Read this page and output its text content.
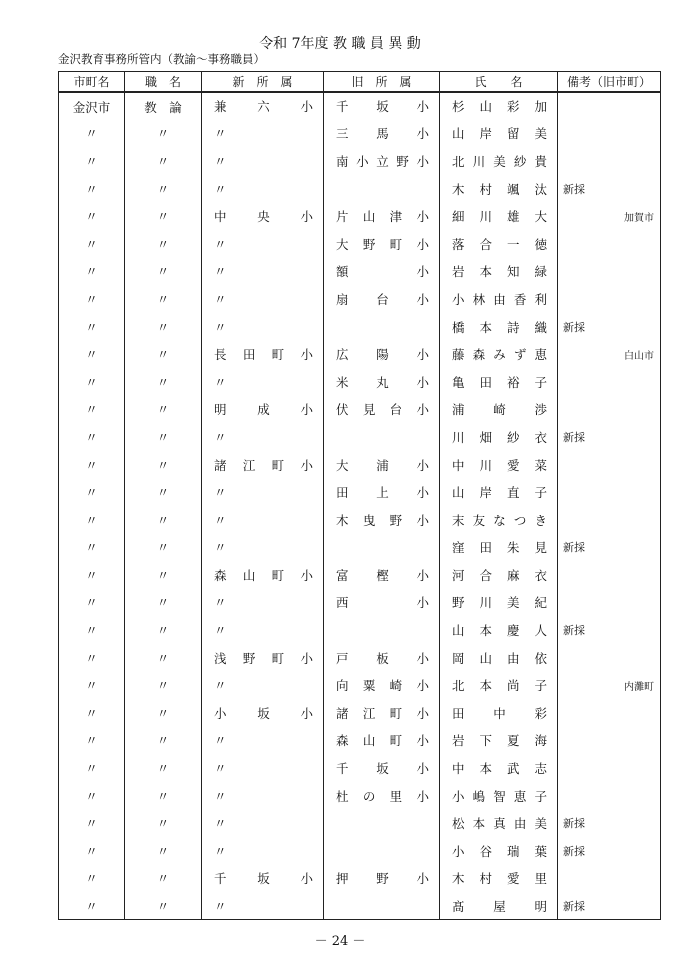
令和 7年度 教 職 員 異 動
金沢教育事務所管内（教諭～事務職員）
市町名	職　名	新　所　属	旧　所　属	氏　　名	備考（旧市町）
金沢市	教　論	兼六小	千坂小	杉山彩加	
〃	〃	〃	三馬小	山岸留美	
〃	〃	〃	南小立野小	北川美紗貴	
〃	〃	〃		木村颯汰	新採
〃	〃	中央小	片山津小	細川雄大	加賀市
〃	〃	〃	大野町小	落合一徳	
〃	〃	〃	額　　小	岩本知緑	
〃	〃	〃	扇台小	小林由香利	
〃	〃	〃		橋本詩織	新採
〃	〃	長田町小	広陽小	藤森みず恵	白山市
〃	〃	〃	米丸小	亀田裕子	
〃	〃	明成小	伏見台小	浦崎渉	
〃	〃	〃		川畑紗衣	新採
〃	〃	諸江町小	大浦小	中川愛菜	
〃	〃	〃	田上小	山岸直子	
〃	〃	〃	木曳野小	末友なつき	
〃	〃	〃		窪田朱見	新採
〃	〃	森山町小	富樫小	河合麻衣	
〃	〃	〃	西　　小	野川美紀	
〃	〃	〃		山本慶人	新採
〃	〃	浅野町小	戸板小	岡山由依	
〃	〃	〃	向粟崎小	北本尚子	内灘町
〃	〃	小坂小	諸江町小	田中彩	
〃	〃	〃	森山町小	岩下夏海	
〃	〃	〃	千坂小	中本武志	
〃	〃	〃	杜の里小	小嶋智恵子	
〃	〃	〃		松本真由美	新採
〃	〃	〃		小谷瑞葉	新採
〃	〃	千坂小	押野小	木村愛里	
〃	〃	〃		髙屋明	新採
－ 24 －
